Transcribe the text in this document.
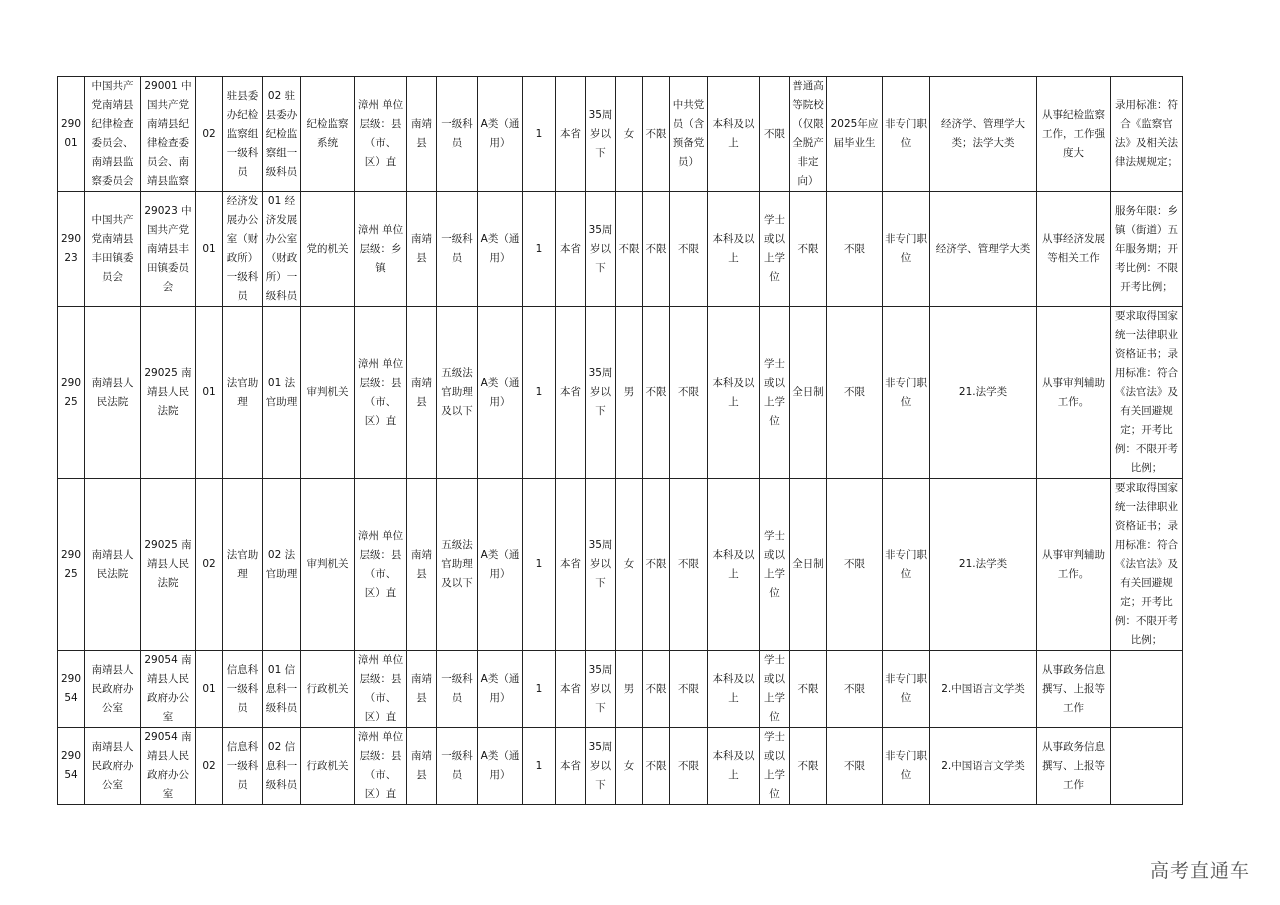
29001	中国共产党南靖县纪律检查委员会、南靖县监察委员会	29001 中国共产党南靖县纪律检查委员会、南靖县监察	02	驻县委办纪检监察组一级科员	02 驻县委办纪检监察组一级科员	纪检监察系统	漳州 单位层级：县（市、区）直	南靖县	一级科员	A类（通用）	1	本省	35周岁以下	女	不限	中共党员（含预备党员）	本科及以上	不限	普通高等院校（仅限全脱产非定向）	2025年应届毕业生	非专门职位	经济学、管理学大类；法学大类	从事纪检监察工作，工作强度大	录用标准：符合《监察官法》及相关法律法规规定；
29023	中国共产党南靖县丰田镇委员会	29023 中国共产党南靖县丰田镇委员会	01	经济发展办公室（财政所）一级科员	01 经济发展办公室（财政所）一级科员	党的机关	漳州 单位层级：乡镇	南靖县	一级科员	A类（通用）	1	本省	35周岁以下	不限	不限	不限	本科及以上	学士或以上学位	不限	不限	非专门职位	经济学、管理学大类	从事经济发展等相关工作	服务年限：乡镇（街道）五年服务期；开考比例：不限开考比例；
29025	南靖县人民法院	29025 南靖县人民法院	01	法官助理	01 法官助理	审判机关	漳州 单位层级：县（市、区）直	南靖县	五级法官助理及以下	A类（通用）	1	本省	35周岁以下	男	不限	不限	本科及以上	学士或以上学位	全日制	不限	非专门职位	21.法学类	从事审判辅助工作。	要求取得国家统一法律职业资格证书；录用标准：符合《法官法》及有关回避规定；开考比例：不限开考比例；
29025	南靖县人民法院	29025 南靖县人民法院	02	法官助理	02 法官助理	审判机关	漳州 单位层级：县（市、区）直	南靖县	五级法官助理及以下	A类（通用）	1	本省	35周岁以下	女	不限	不限	本科及以上	学士或以上学位	全日制	不限	非专门职位	21.法学类	从事审判辅助工作。	要求取得国家统一法律职业资格证书；录用标准：符合《法官法》及有关回避规定；开考比例：不限开考比例；
29054	南靖县人民政府办公室	29054 南靖县人民政府办公室	01	信息科一级科员	01 信息科一级科员	行政机关	漳州 单位层级：县（市、区）直	南靖县	一级科员	A类（通用）	1	本省	35周岁以下	男	不限	不限	本科及以上	学士或以上学位	不限	不限	非专门职位	2.中国语言文学类	从事政务信息撰写、上报等工作	
29054	南靖县人民政府办公室	29054 南靖县人民政府办公室	02	信息科一级科员	02 信息科一级科员	行政机关	漳州 单位层级：县（市、区）直	南靖县	一级科员	A类（通用）	1	本省	35周岁以下	女	不限	不限	本科及以上	学士或以上学位	不限	不限	非专门职位	2.中国语言文学类	从事政务信息撰写、上报等工作	
高考直通车
